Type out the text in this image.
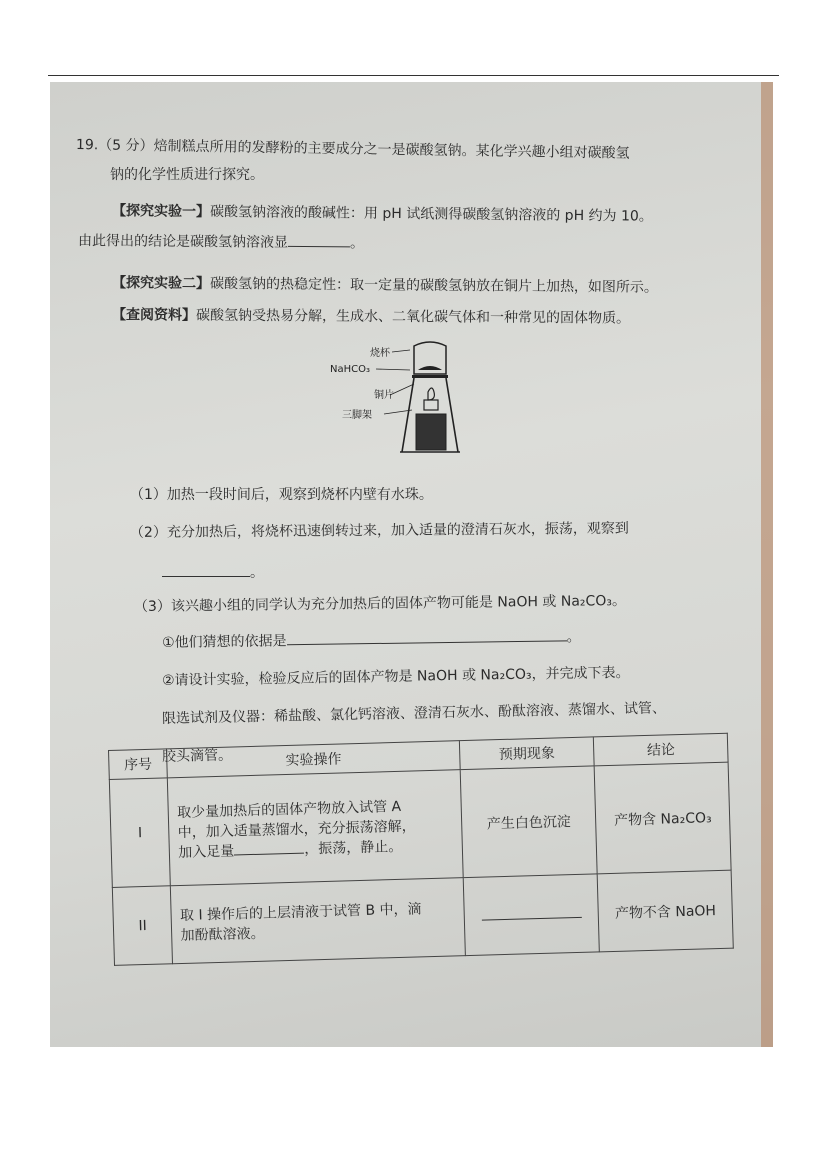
19.（5 分）焙制糕点所用的发酵粉的主要成分之一是碳酸氢钠。某化学兴趣小组对碳酸氢
钠的化学性质进行探究。
【探究实验一】碳酸氢钠溶液的酸碱性：用 pH 试纸测得碳酸氢钠溶液的 pH 约为 10。
由此得出的结论是碳酸氢钠溶液显	。
【探究实验二】碳酸氢钠的热稳定性：取一定量的碳酸氢钠放在铜片上加热，如图所示。
【查阅资料】碳酸氢钠受热易分解，生成水、二氧化碳气体和一种常见的固体物质。
烧杯
NaHCO₃
铜片
三脚架
（1）加热一段时间后，观察到烧杯内壁有水珠。
（2）充分加热后，将烧杯迅速倒转过来，加入适量的澄清石灰水，振荡，观察到
。
（3）该兴趣小组的同学认为充分加热后的固体产物可能是 NaOH 或 Na₂CO₃。
①他们猜想的依据是	。
②请设计实验，检验反应后的固体产物是 NaOH 或 Na₂CO₃，并完成下表。
限选试剂及仪器：稀盐酸、氯化钙溶液、澄清石灰水、酚酞溶液、蒸馏水、试管、
胶头滴管。
序号	实验操作	预期现象	结论
I	取少量加热后的固体产物放入试管 A
中，加入适量蒸馏水，充分振荡溶解，
加入足量 ，振荡，静止。	产生白色沉淀	产物含 Na₂CO₃
II	取 I 操作后的上层清液于试管 B 中，滴
加酚酞溶液。		产物不含 NaOH
